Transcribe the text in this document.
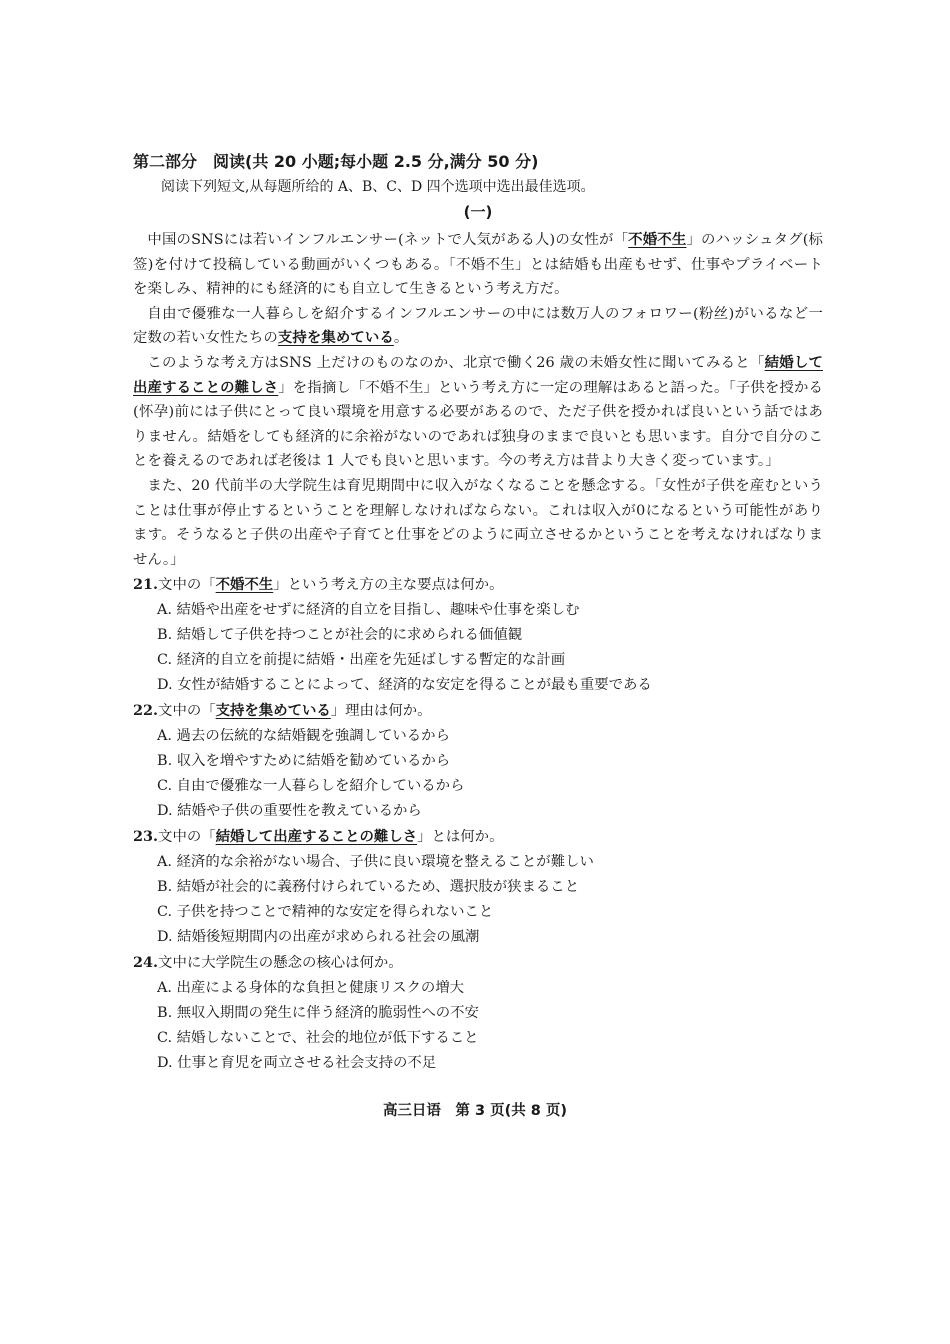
第二部分　阅读(共 20 小题;每小题 2.5 分,满分 50 分)

阅读下列短文,从每题所给的 A、B、C、D 四个选项中选出最佳选项。

(一)

中国のSNSには若いインフルエンサー(ネットで人気がある人)の女性が「不婚不生」のハッシュタグ(标签)を付けて投稿している動画がいくつもある。「不婚不生」とは結婚も出産もせず、仕事やプライベートを楽しみ、精神的にも経済的にも自立して生きるという考え方だ。

自由で優雅な一人暮らしを紹介するインフルエンサーの中には数万人のフォロワー(粉丝)がいるなど一定数の若い女性たちの支持を集めている。

このような考え方はSNS 上だけのものなのか、北京で働く26 歳の未婚女性に聞いてみると「結婚して出産することの難しさ」を指摘し「不婚不生」という考え方に一定の理解はあると語った。「子供を授かる(怀孕)前には子供にとって良い環境を用意する必要があるので、ただ子供を授かれば良いという話ではありません。結婚をしても経済的に余裕がないのであれば独身のままで良いとも思います。自分で自分のことを養えるのであれば老後は 1 人でも良いと思います。今の考え方は昔より大きく変っています。」

また、20 代前半の大学院生は育児期間中に収入がなくなることを懸念する。「女性が子供を産むということは仕事が停止するということを理解しなければならない。これは収入が0になるという可能性があります。そうなると子供の出産や子育てと仕事をどのように両立させるかということを考えなければなりません。」

21.文中の「不婚不生」という考え方の主な要点は何か。

A. 結婚や出産をせずに経済的自立を目指し、趣味や仕事を楽しむ

B. 結婚して子供を持つことが社会的に求められる価値観

C. 経済的自立を前提に結婚・出産を先延ばしする暫定的な計画

D. 女性が結婚することによって、経済的な安定を得ることが最も重要である

22.文中の「支持を集めている」理由は何か。

A. 過去の伝統的な結婚観を強調しているから

B. 収入を増やすために結婚を勧めているから

C. 自由で優雅な一人暮らしを紹介しているから

D. 結婚や子供の重要性を教えているから

23.文中の「結婚して出産することの難しさ」とは何か。

A. 経済的な余裕がない場合、子供に良い環境を整えることが難しい

B. 結婚が社会的に義務付けられているため、選択肢が狭まること

C. 子供を持つことで精神的な安定を得られないこと

D. 結婚後短期間内の出産が求められる社会の風潮

24.文中に大学院生の懸念の核心は何か。

A. 出産による身体的な負担と健康リスクの増大

B. 無収入期間の発生に伴う経済的脆弱性への不安

C. 結婚しないことで、社会的地位が低下すること

D. 仕事と育児を両立させる社会支持の不足

高三日语　第 3 页(共 8 页)
